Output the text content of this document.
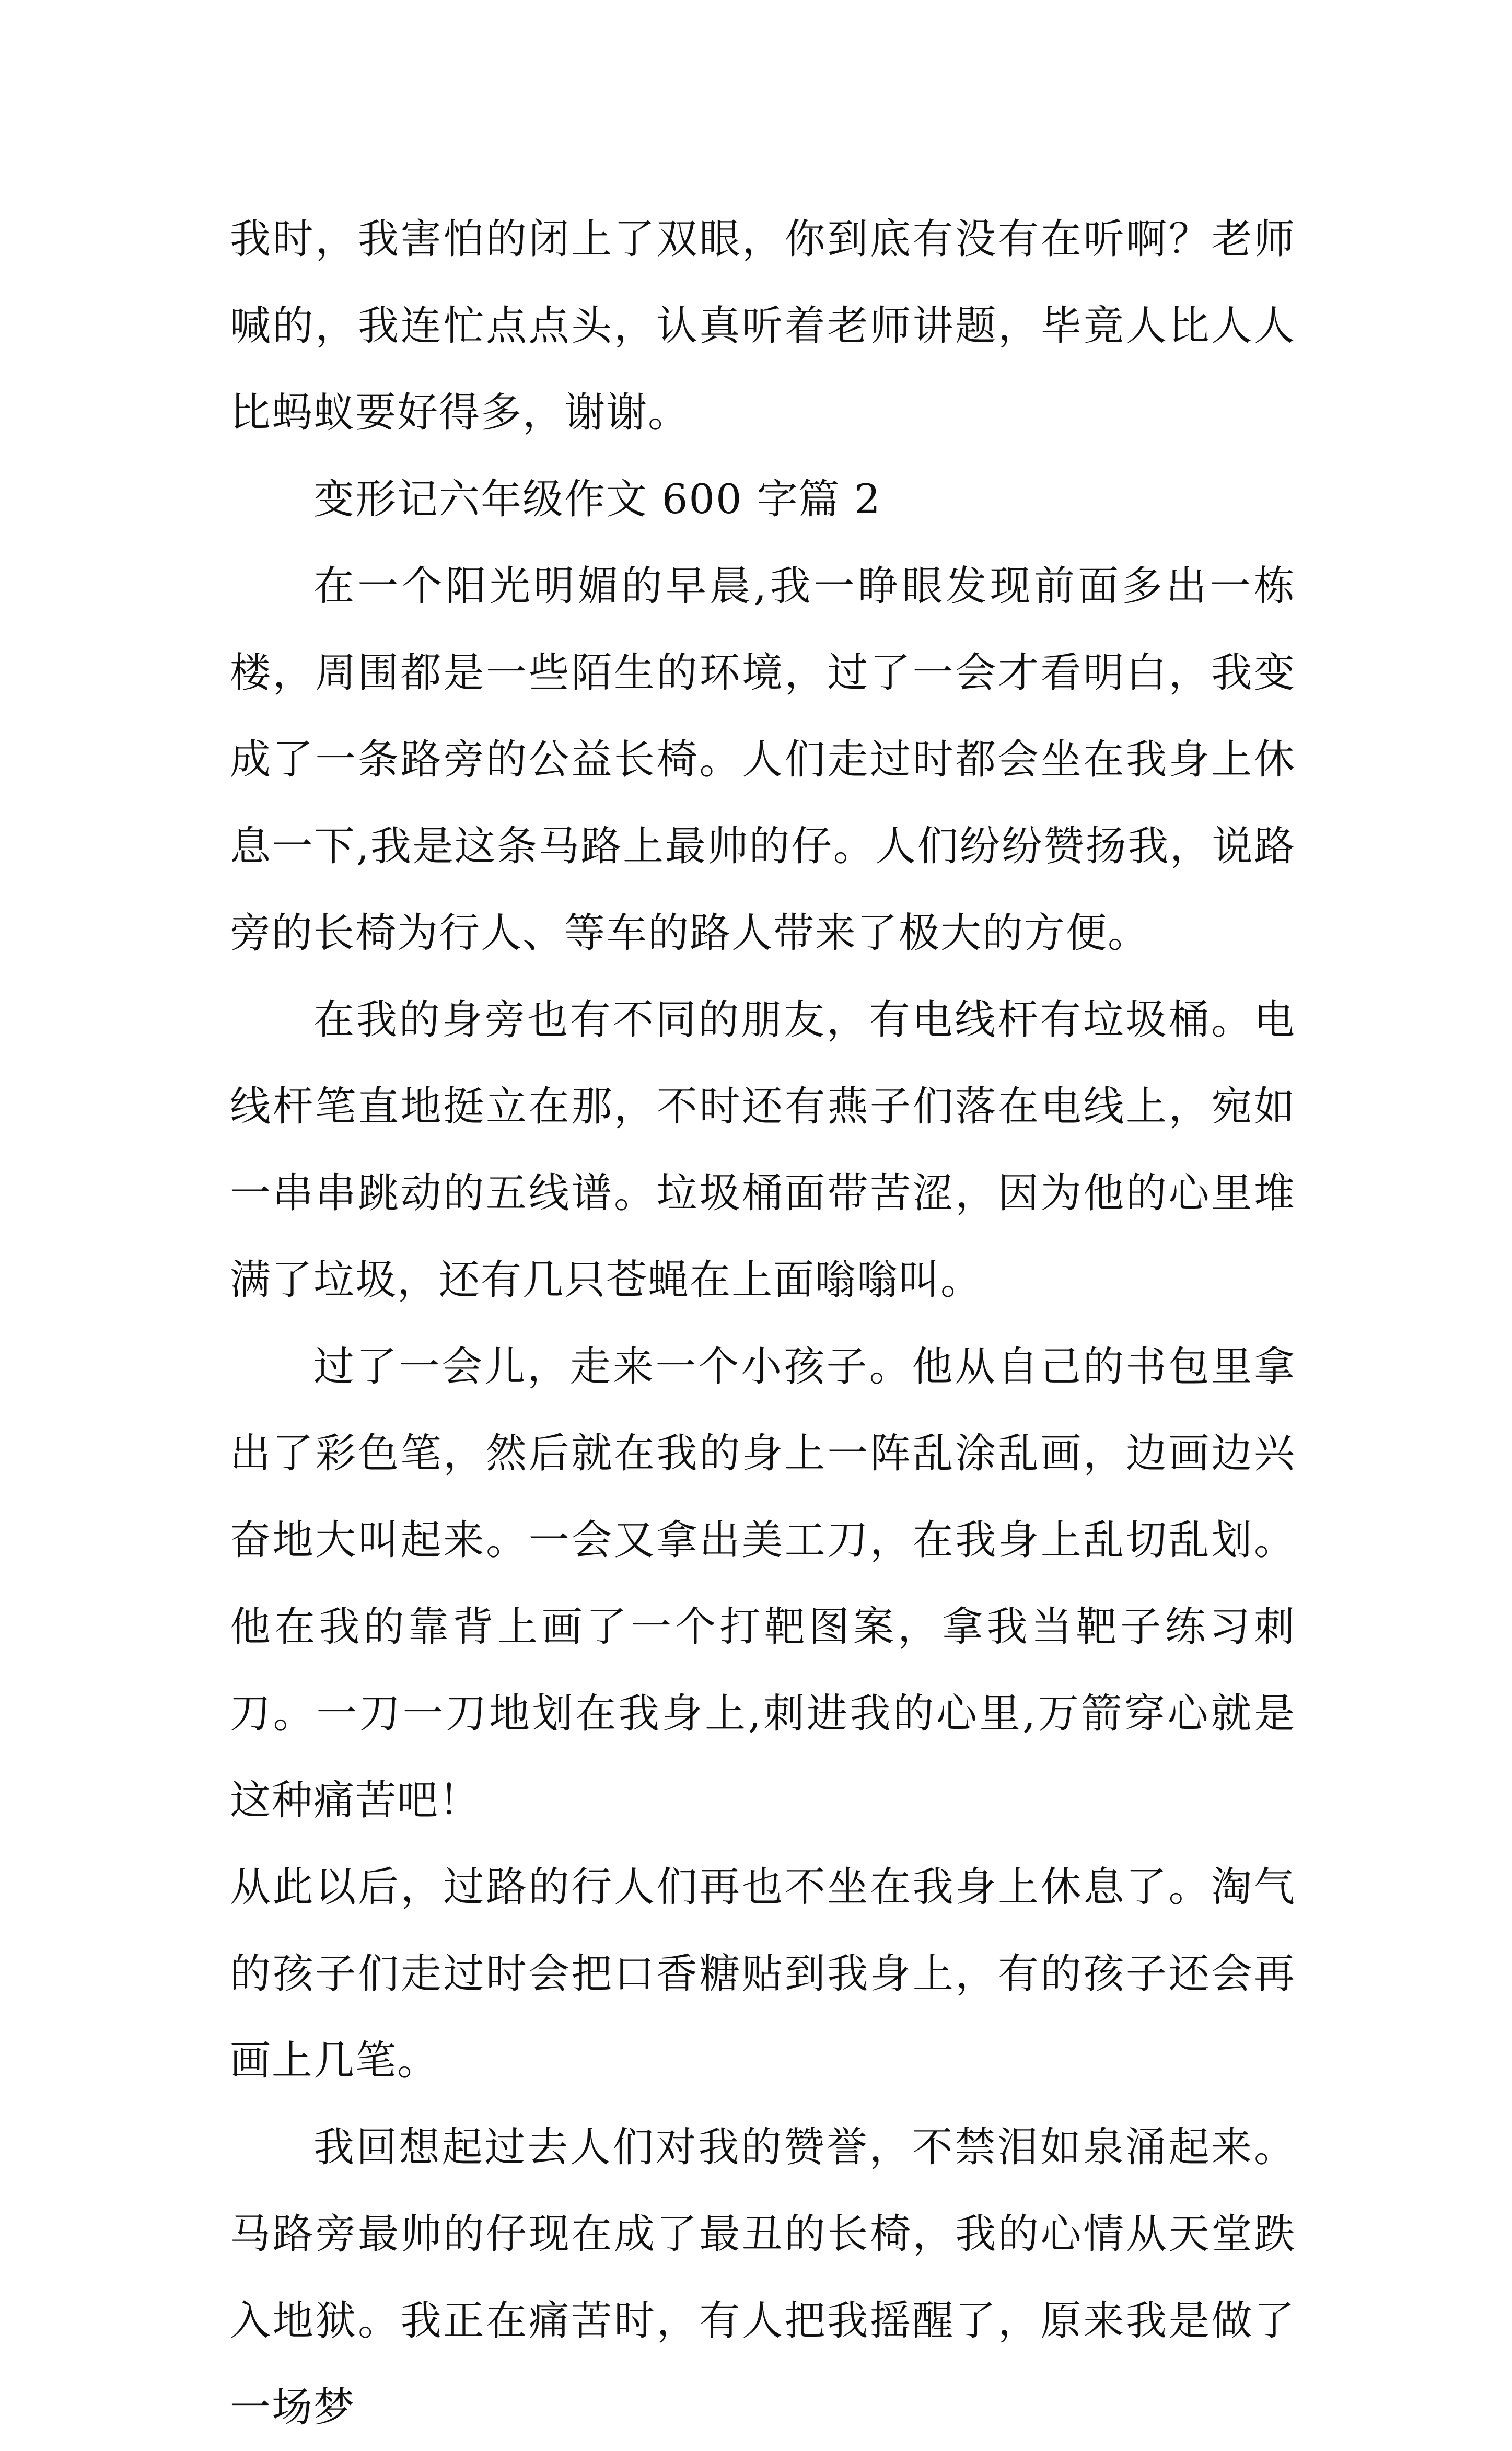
我时，我害怕的闭上了双眼，你到底有没有在听啊？老师喊的，我连忙点点头，认真听着老师讲题，毕竟人比人人比蚂蚁要好得多，谢谢。

变形记六年级作文 600 字篇 2

在一个阳光明媚的早晨,我一睁眼发现前面多出一栋楼，周围都是一些陌生的环境，过了一会才看明白，我变成了一条路旁的公益长椅。人们走过时都会坐在我身上休息一下,我是这条马路上最帅的仔。人们纷纷赞扬我，说路旁的长椅为行人、等车的路人带来了极大的方便。

在我的身旁也有不同的朋友，有电线杆有垃圾桶。电线杆笔直地挺立在那，不时还有燕子们落在电线上，宛如一串串跳动的五线谱。垃圾桶面带苦涩，因为他的心里堆满了垃圾，还有几只苍蝇在上面嗡嗡叫。

过了一会儿，走来一个小孩子。他从自己的书包里拿出了彩色笔，然后就在我的身上一阵乱涂乱画，边画边兴奋地大叫起来。一会又拿出美工刀，在我身上乱切乱划。他在我的靠背上画了一个打靶图案，拿我当靶子练习刺刀。一刀一刀地划在我身上,刺进我的心里,万箭穿心就是这种痛苦吧！

从此以后，过路的行人们再也不坐在我身上休息了。淘气的孩子们走过时会把口香糖贴到我身上，有的孩子还会再画上几笔。

我回想起过去人们对我的赞誉，不禁泪如泉涌起来。马路旁最帅的仔现在成了最丑的长椅，我的心情从天堂跌入地狱。我正在痛苦时，有人把我摇醒了，原来我是做了一场梦
